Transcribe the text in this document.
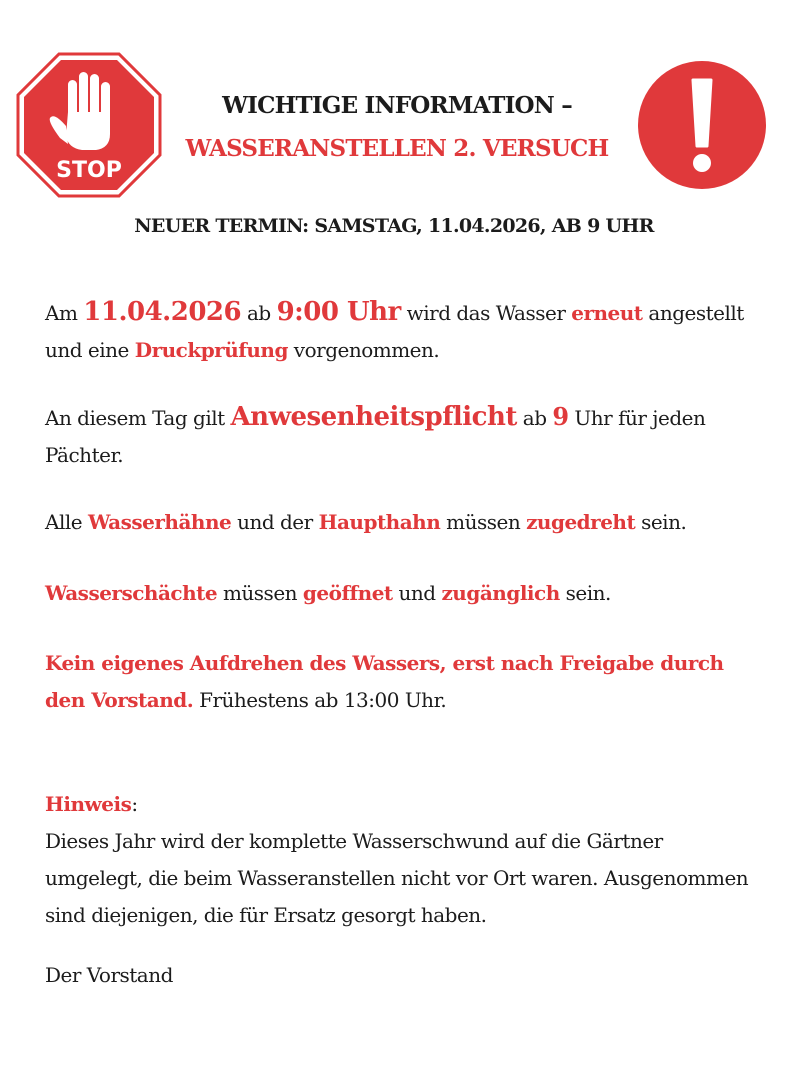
STOP
WICHTIGE INFORMATION –
WASSERANSTELLEN 2. VERSUCH
NEUER TERMIN: SAMSTAG, 11.04.2026, AB 9 UHR
Am 11.04.2026 ab 9:00 Uhr wird das Wasser erneut angestellt und eine Druckprüfung vorgenommen.
An diesem Tag gilt Anwesenheitspflicht ab 9 Uhr für jeden Pächter.
Alle Wasserhähne und der Haupthahn müssen zugedreht sein.
Wasserschächte müssen geöffnet und zugänglich sein.
Kein eigenes Aufdrehen des Wassers, erst nach Freigabe durch den Vorstand. Frühestens ab 13:00 Uhr.
Hinweis:
Dieses Jahr wird der komplette Wasserschwund auf die Gärtner umgelegt, die beim Wasseranstellen nicht vor Ort waren. Ausgenommen sind diejenigen, die für Ersatz gesorgt haben.
Der Vorstand
